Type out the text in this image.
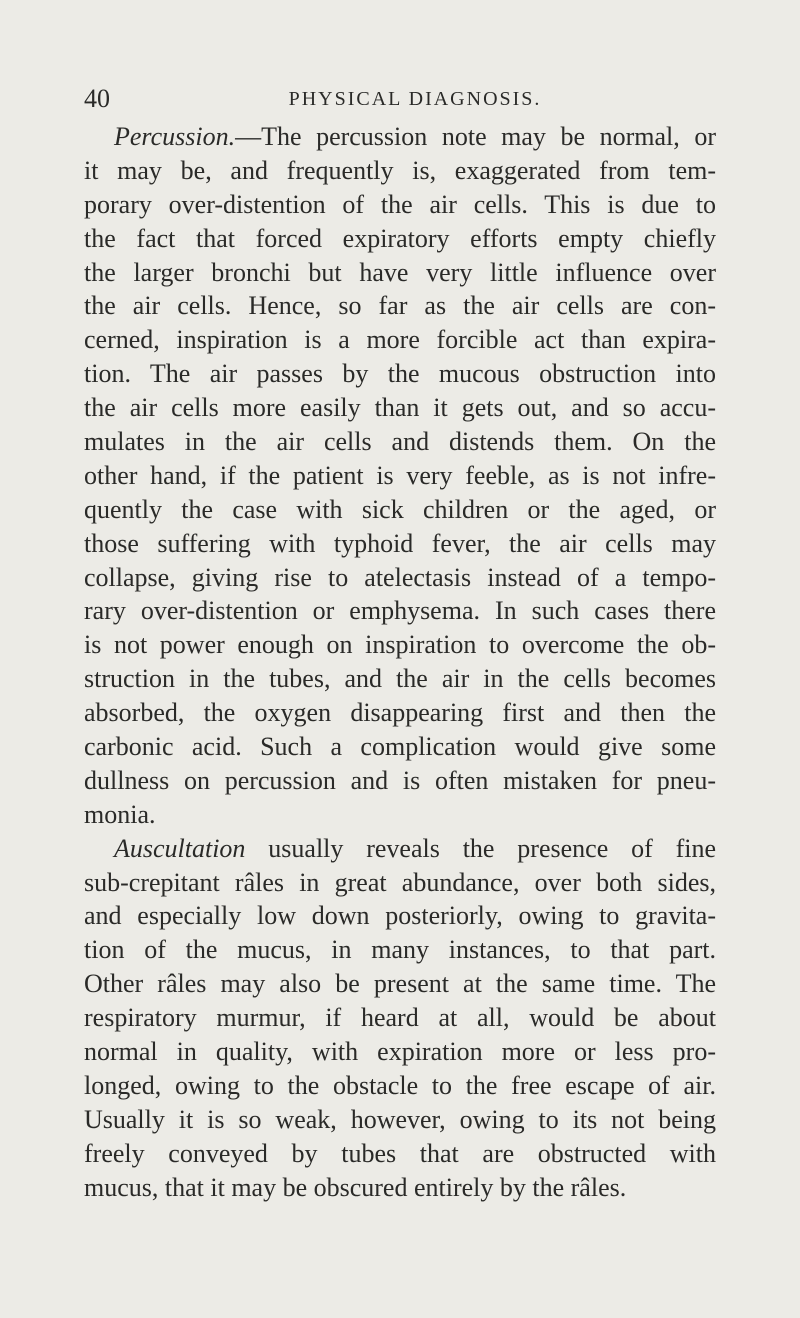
40	PHYSICAL DIAGNOSIS.
Percussion.—The percussion note may be normal, or
it may be, and frequently is, exaggerated from tem-
porary over-distention of the air cells. This is due to
the fact that forced expiratory efforts empty chiefly
the larger bronchi but have very little influence over
the air cells. Hence, so far as the air cells are con-
cerned, inspiration is a more forcible act than expira-
tion. The air passes by the mucous obstruction into
the air cells more easily than it gets out, and so accu-
mulates in the air cells and distends them. On the
other hand, if the patient is very feeble, as is not infre-
quently the case with sick children or the aged, or
those suffering with typhoid fever, the air cells may
collapse, giving rise to atelectasis instead of a tempo-
rary over-distention or emphysema. In such cases there
is not power enough on inspiration to overcome the ob-
struction in the tubes, and the air in the cells becomes
absorbed, the oxygen disappearing first and then the
carbonic acid. Such a complication would give some
dullness on percussion and is often mistaken for pneu-
monia.
Auscultation usually reveals the presence of fine
sub-crepitant râles in great abundance, over both sides,
and especially low down posteriorly, owing to gravita-
tion of the mucus, in many instances, to that part.
Other râles may also be present at the same time. The
respiratory murmur, if heard at all, would be about
normal in quality, with expiration more or less pro-
longed, owing to the obstacle to the free escape of air.
Usually it is so weak, however, owing to its not being
freely conveyed by tubes that are obstructed with
mucus, that it may be obscured entirely by the râles.
